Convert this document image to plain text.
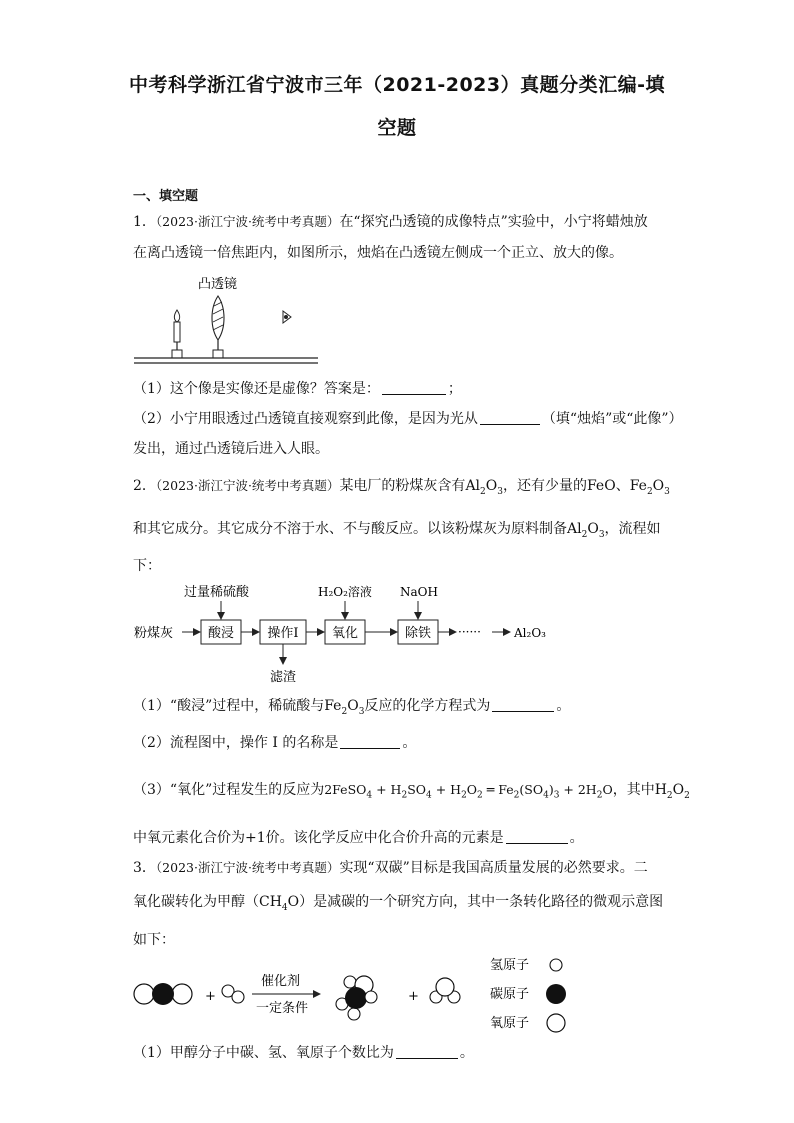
中考科学浙江省宁波市三年（2021-2023）真题分类汇编-填
空题
一、填空题
1．（2023·浙江宁波·统考中考真题）在“探究凸透镜的成像特点”实验中，小宁将蜡烛放
在离凸透镜一倍焦距内，如图所示，烛焰在凸透镜左侧成一个正立、放大的像。
凸透镜
（1）这个像是实像还是虚像？答案是：	；
（2）小宁用眼透过凸透镜直接观察到此像，是因为光从	（填“烛焰”或“此像”）
发出，通过凸透镜后进入人眼。
2．（2023·浙江宁波·统考中考真题）某电厂的粉煤灰含有$Al_2O_3$，还有少量的FeO、$Fe_2O_3$
和其它成分。其它成分不溶于水、不与酸反应。以该粉煤灰为原料制备$Al_2O_3$，流程如
下：
粉煤灰	酸浸	操作I	氧化	除铁 ······	Al₂O₃
过量稀硫酸	H₂O₂溶液 NaOH
滤渣
（1）“酸浸”过程中，稀硫酸与$Fe_2O_3$反应的化学方程式为	。
（2）流程图中，操作 I 的名称是	。
（3）“氧化”过程发生的反应为2FeSO$_4$ + $H_2SO_4 + H_2O_2$ ═ $Fe_2(SO_4)_3 + 2H_2O$，其中$H_2O_2$
中氧元素化合价为+1价。该化学反应中化合价升高的元素是	。
3．（2023·浙江宁波·统考中考真题）实现“双碳”目标是我国高质量发展的必然要求。二
氧化碳转化为甲醇$(CH_4O)$是减碳的一个研究方向，其中一条转化路径的微观示意图
如下：
+
催化剂
一定条件
+
氢原子
碳原子
氧原子
（1）甲醇分子中碳、氢、氧原子个数比为	。
